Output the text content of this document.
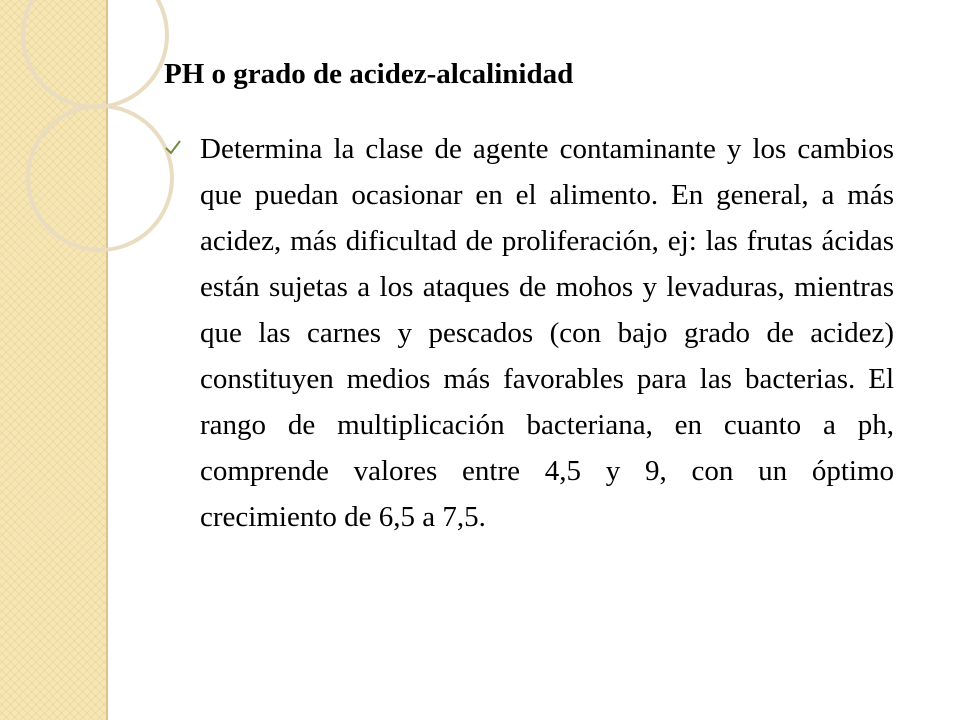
PH o grado de acidez-alcalinidad

Determina la clase de agente contaminante y los cambios que puedan ocasionar en el alimento. En general, a más acidez, más dificultad de proliferación, ej: las frutas ácidas están sujetas a los ataques de mohos y levaduras, mientras que las carnes y pescados (con bajo grado de acidez) constituyen medios más favorables para las bacterias. El rango de multiplicación bacteriana, en cuanto a ph, comprende valores entre 4,5 y 9, con un óptimo crecimiento de 6,5 a 7,5.
